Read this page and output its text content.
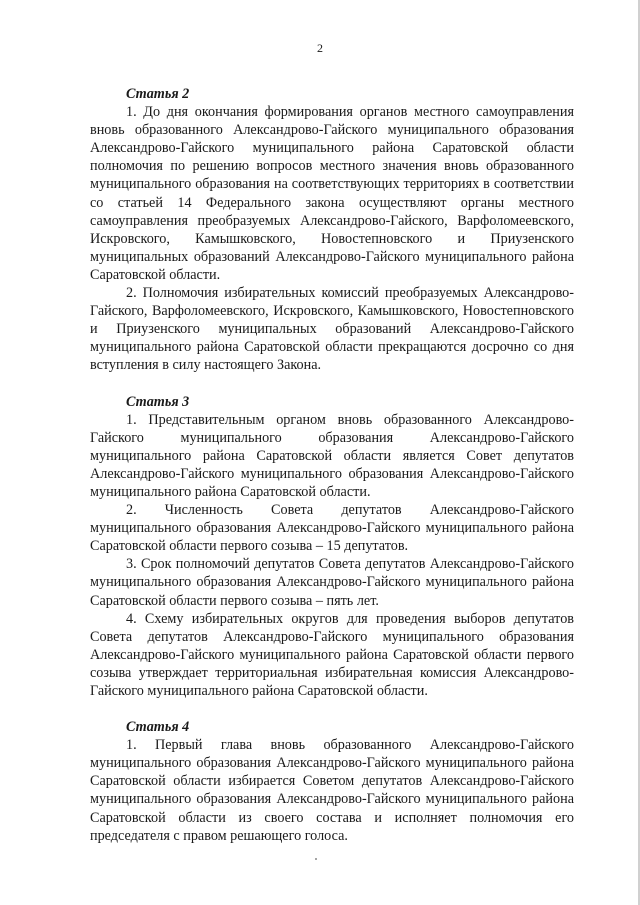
2
Статья 2

1. До дня окончания формирования органов местного самоуправления вновь образованного Александрово-Гайского муниципального образования Александрово-Гайского муниципального района Саратовской области полномочия по решению вопросов местного значения вновь образованного муниципального образования на соответствующих территориях в соответствии со статьей 14 Федерального закона осуществляют органы местного самоуправления преобразуемых Александрово-Гайского, Варфоломеевского, Искровского, Камышковского, Новостепновского и Приузенского муниципальных образований Александрово-Гайского муниципального района Саратовской области.

2. Полномочия избирательных комиссий преобразуемых Александрово-Гайского, Варфоломеевского, Искровского, Камышковского, Новостепновского и Приузенского муниципальных образований Александрово-Гайского муниципального района Саратовской области прекращаются досрочно со дня вступления в силу настоящего Закона.

Статья 3

1. Представительным органом вновь образованного Александрово-Гайского муниципального образования Александрово-Гайского муниципального района Саратовской области является Совет депутатов Александрово-Гайского муниципального образования Александрово-Гайского муниципального района Саратовской области.

2. Численность Совета депутатов Александрово-Гайского муниципального образования Александрово-Гайского муниципального района Саратовской области первого созыва – 15 депутатов.

3. Срок полномочий депутатов Совета депутатов Александрово-Гайского муниципального образования Александрово-Гайского муниципального района Саратовской области первого созыва – пять лет.

4. Схему избирательных округов для проведения выборов депутатов Совета депутатов Александрово-Гайского муниципального образования Александрово-Гайского муниципального района Саратовской области первого созыва утверждает территориальная избирательная комиссия Александрово-Гайского муниципального района Саратовской области.

Статья 4

1. Первый глава вновь образованного Александрово-Гайского муниципального образования Александрово-Гайского муниципального района Саратовской области избирается Советом депутатов Александрово-Гайского муниципального образования Александрово-Гайского муниципального района Саратовской области из своего состава и исполняет полномочия его председателя с правом решающего голоса.
